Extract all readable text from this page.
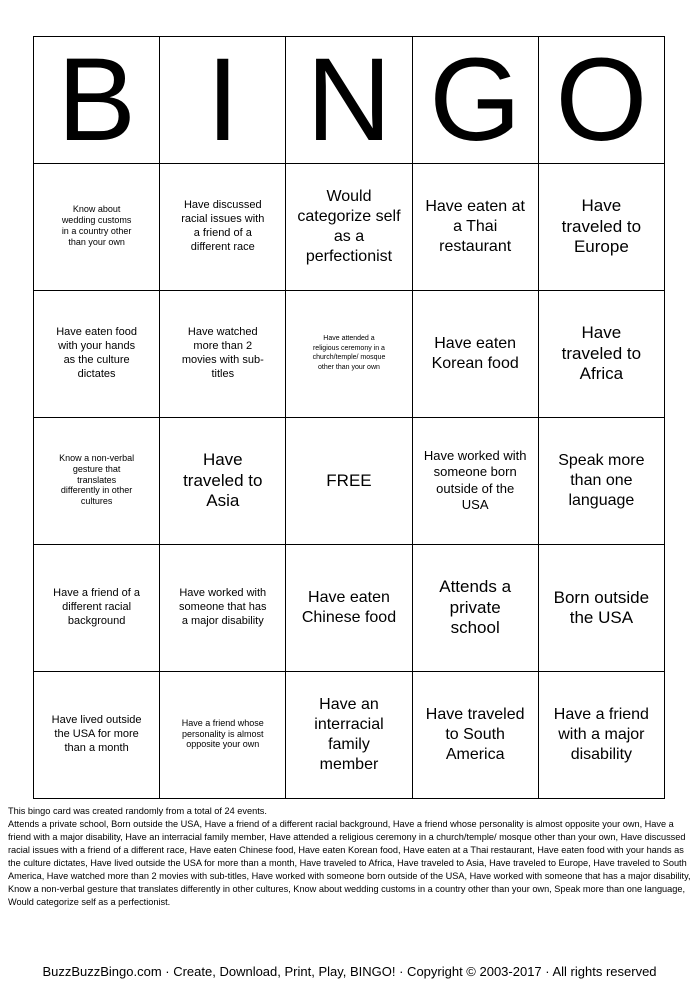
B	I	N	G	O
Know about wedding customs in a country other than your own	Have discussed racial issues with a friend of a different race	Would categorize self as a perfectionist	Have eaten at a Thai restaurant	Have traveled to Europe
Have eaten food with your hands as the culture dictates	Have watched more than 2 movies with sub-titles	Have attended a religious ceremony in a church/temple/ mosque other than your own	Have eaten Korean food	Have traveled to Africa
Know a non-verbal gesture that translates differently in other cultures	Have traveled to Asia	FREE	Have worked with someone born outside of the USA	Speak more than one language
Have a friend of a different racial background	Have worked with someone that has a major disability	Have eaten Chinese food	Attends a private school	Born outside the USA
Have lived outside the USA for more than a month	Have a friend whose personality is almost opposite your own	Have an interracial family member	Have traveled to South America	Have a friend with a major disability

This bingo card was created randomly from a total of 24 events.

Attends a private school, Born outside the USA, Have a friend of a different racial background, Have a friend whose personality is almost opposite your own, Have a friend with a major disability, Have an interracial family member, Have attended a religious ceremony in a church/temple/ mosque other than your own, Have discussed racial issues with a friend of a different race, Have eaten Chinese food, Have eaten Korean food, Have eaten at a Thai restaurant, Have eaten food with your hands as the culture dictates, Have lived outside the USA for more than a month, Have traveled to Africa, Have traveled to Asia, Have traveled to Europe, Have traveled to South America, Have watched more than 2 movies with sub-titles, Have worked with someone born outside of the USA, Have worked with someone that has a major disability, Know a non-verbal gesture that translates differently in other cultures, Know about wedding customs in a country other than your own, Speak more than one language, Would categorize self as a perfectionist.

BuzzBuzzBingo.com · Create, Download, Print, Play, BINGO! · Copyright © 2003-2017 · All rights reserved
